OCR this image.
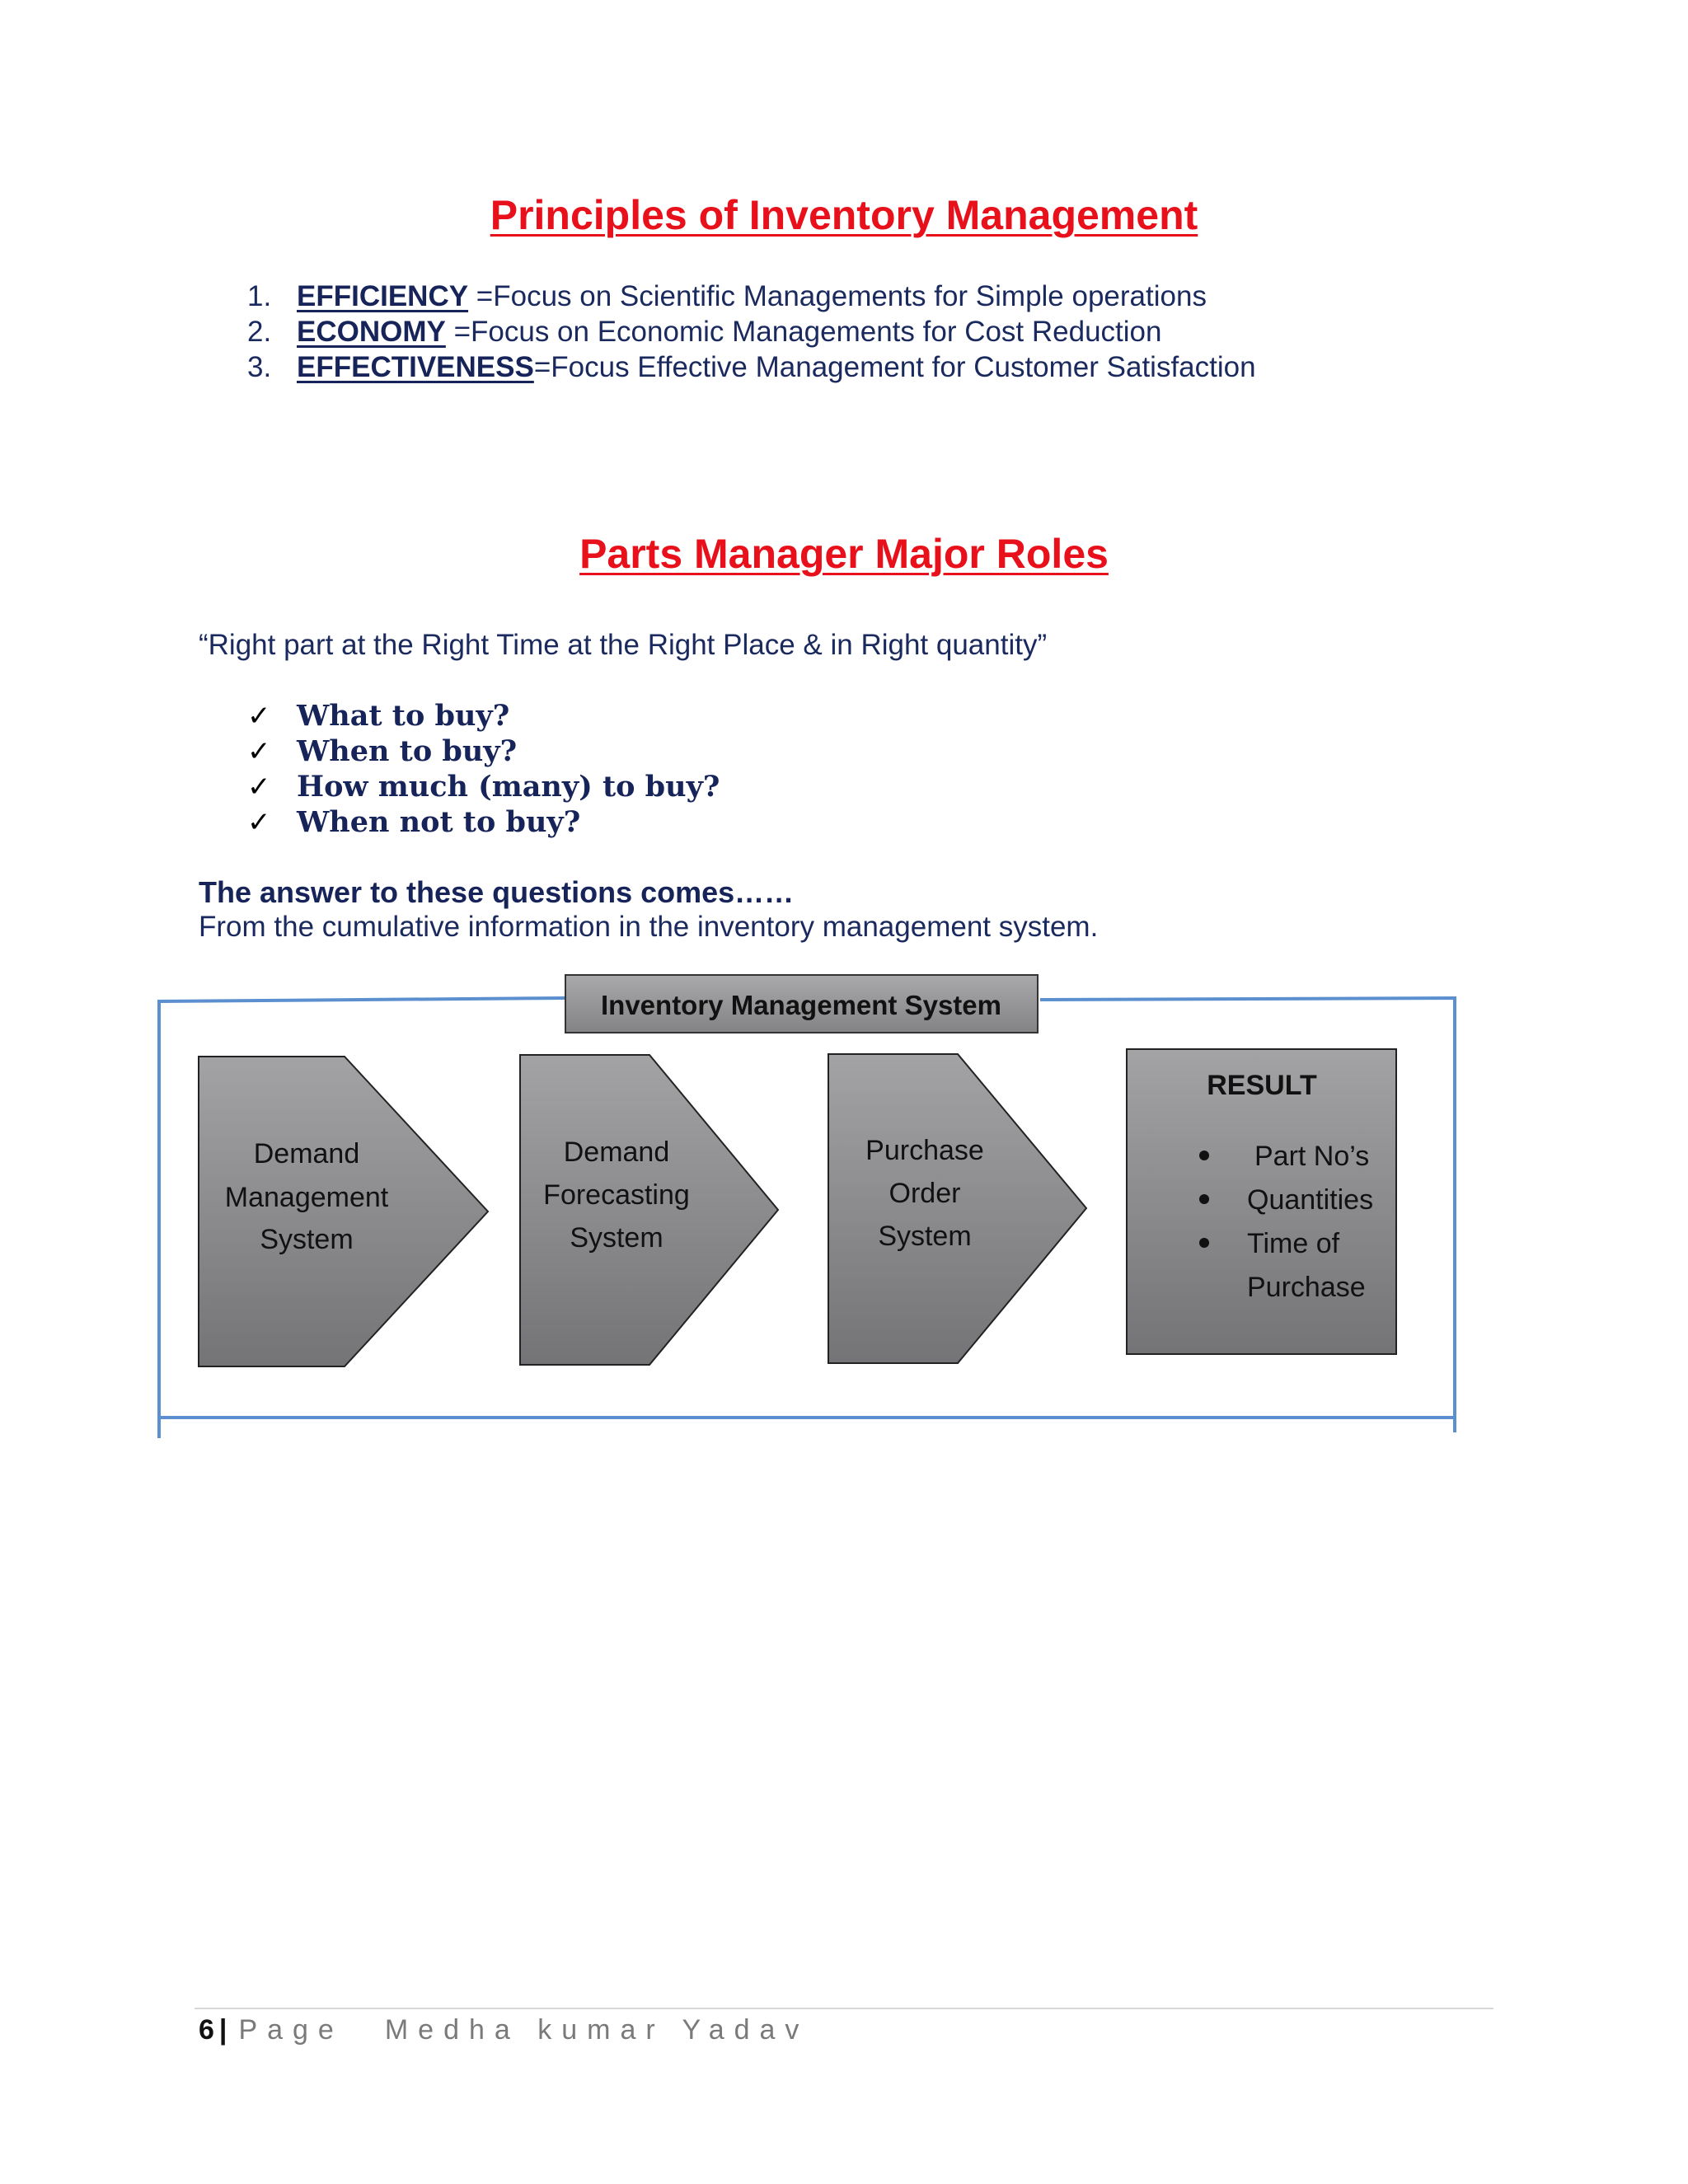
Principles of Inventory Management
1. EFFICIENCY =Focus on Scientific Managements for Simple operations
2. ECONOMY =Focus on Economic Managements for Cost Reduction
3. EFFECTIVENESS=Focus Effective Management for Customer Satisfaction
Parts Manager Major Roles
“Right part at the Right Time at the Right Place & in Right quantity”
✓ What to buy?
✓ When to buy?
✓ How much (many) to buy?
✓ When not to buy?
The answer to these questions comes……
From the cumulative information in the inventory management system.
Inventory Management System
Demand
Management
System
Demand
Forecasting
System
Purchase
Order
System
RESULT
Part No’s
Quantities
Time of
Purchase
6 | Page Medha kumar Yadav
